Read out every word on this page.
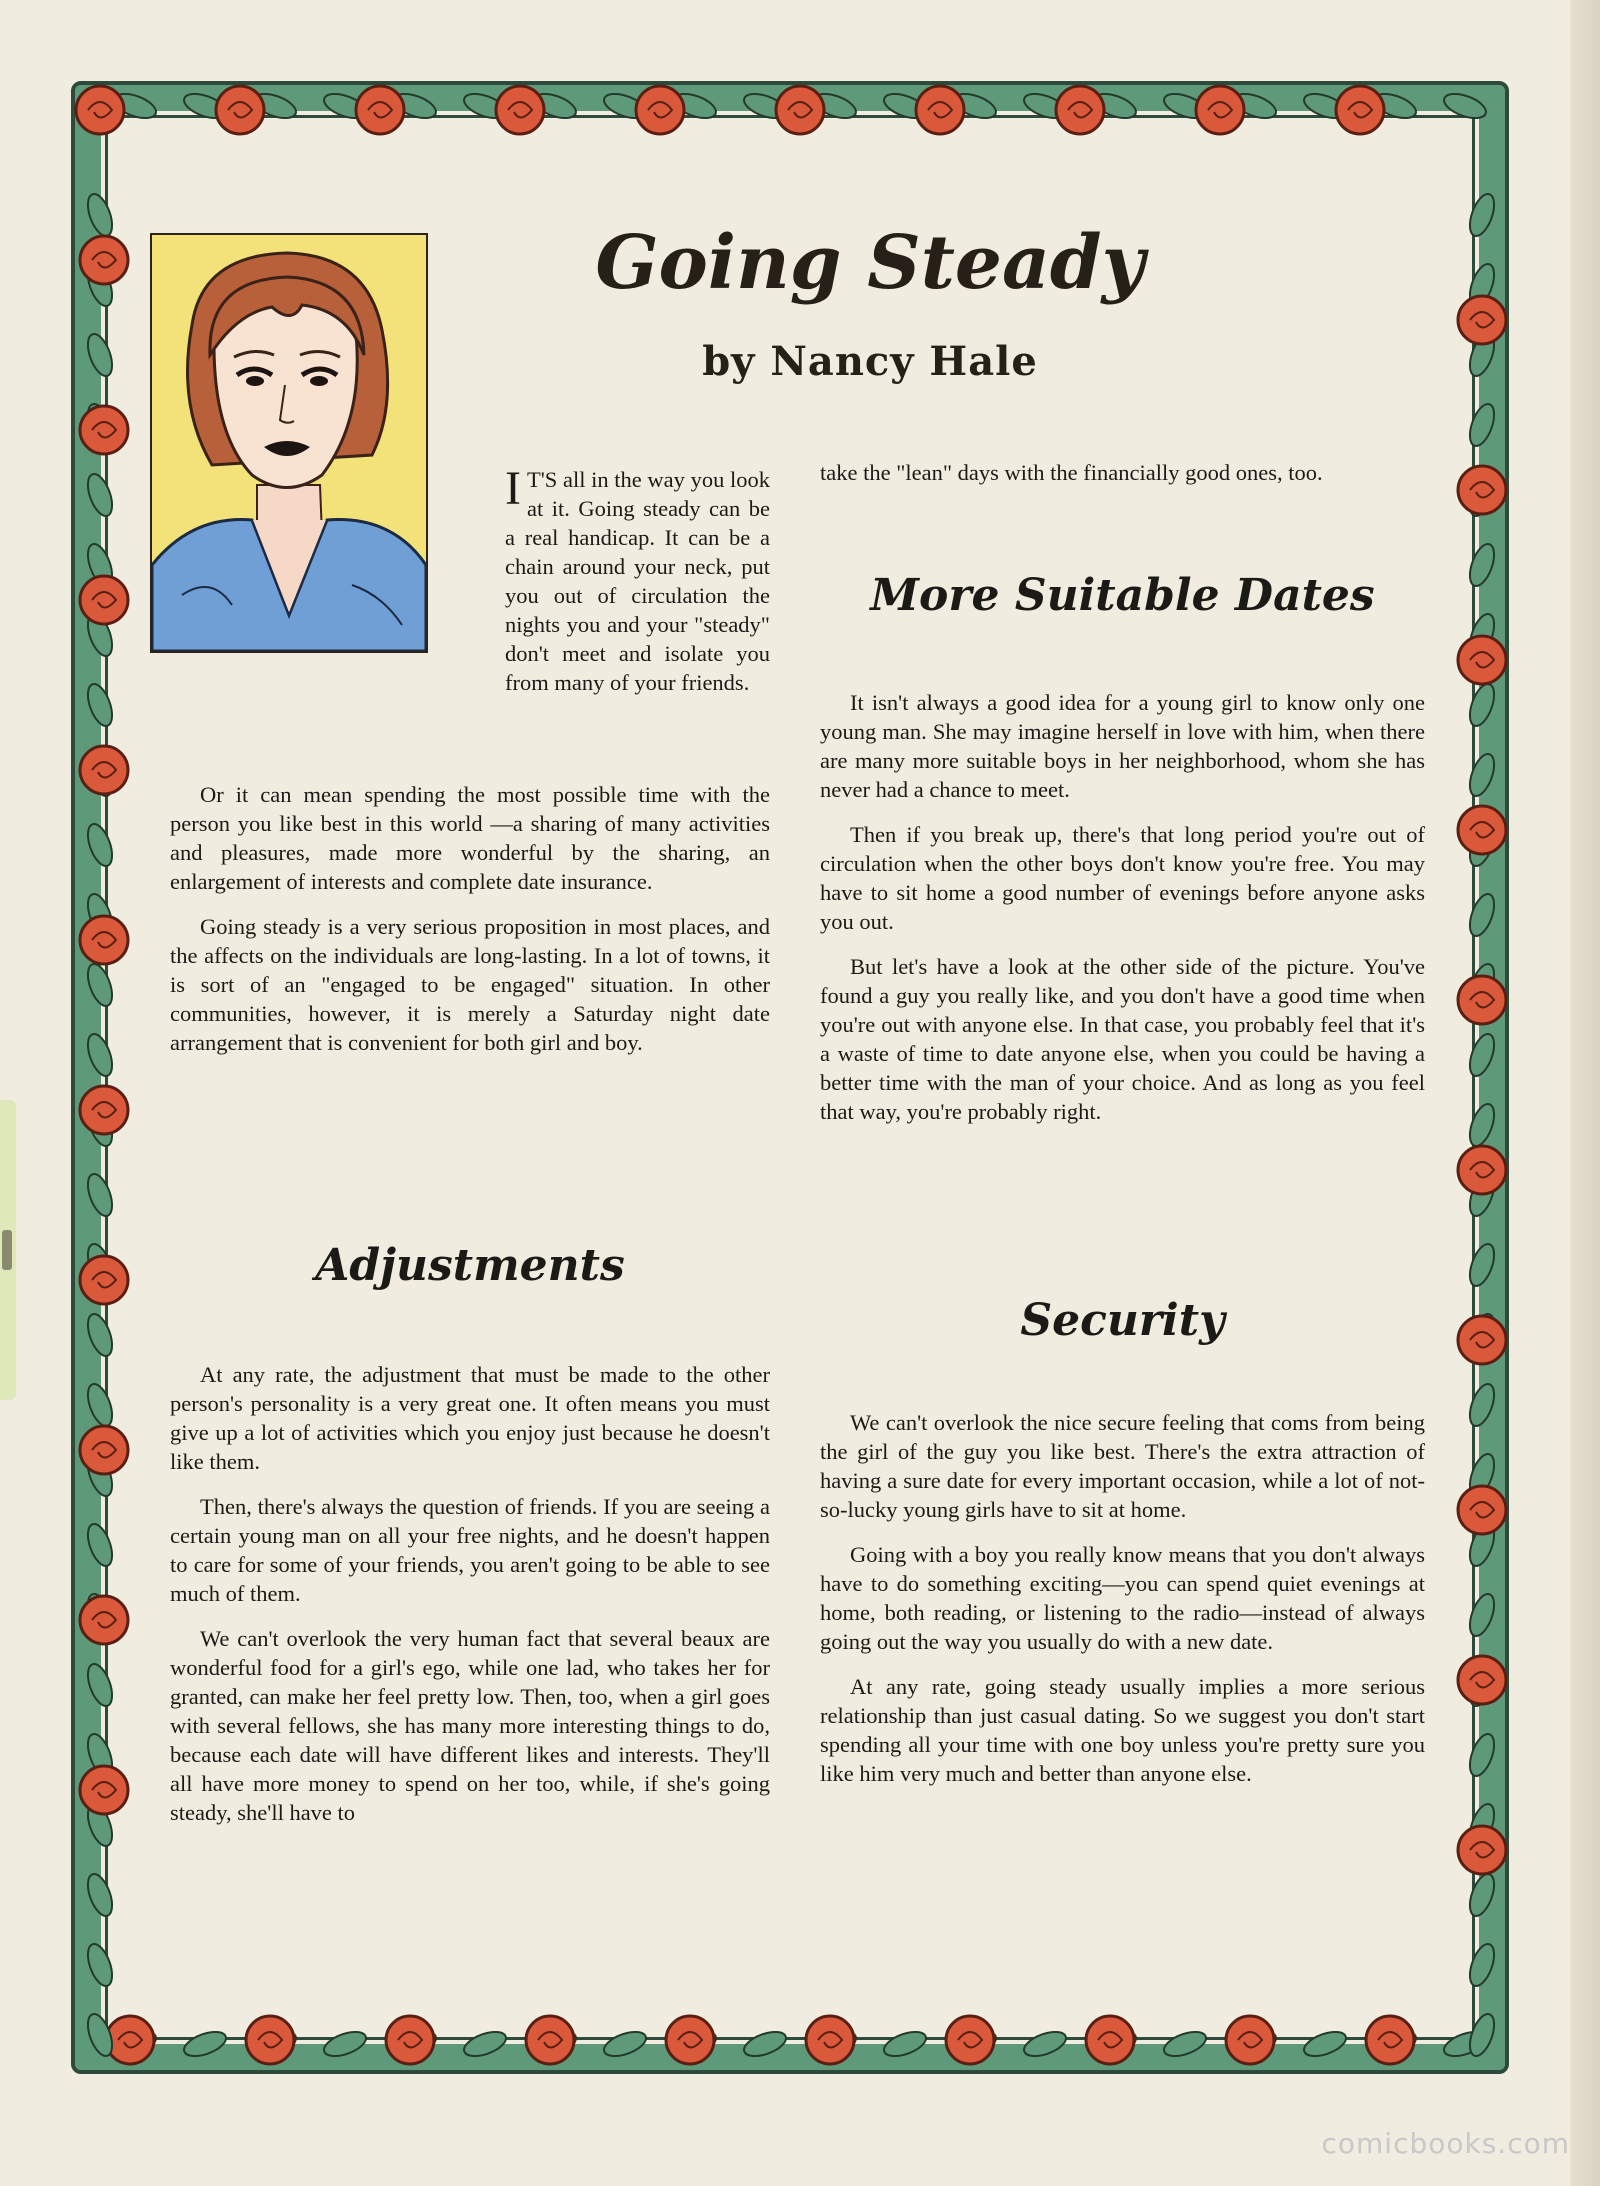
Going Steady
by Nancy Hale

I T'S all in the way you look at it. Going steady can be a real handicap. It can be a chain around your neck, put you out of circulation the nights you and your "steady" don't meet and isolate you from many of your friends.

Or it can mean spending the most possible time with the person you like best in this world —a sharing of many activities and pleasures, made more wonderful by the sharing, an enlargement of interests and complete date insurance.

Going steady is a very serious proposition in most places, and the affects on the individuals are long-lasting. In a lot of towns, it is sort of an "engaged to be engaged" situation. In other communities, however, it is merely a Saturday night date arrangement that is convenient for both girl and boy.

Adjustments

At any rate, the adjustment that must be made to the other person's personality is a very great one. It often means you must give up a lot of activities which you enjoy just because he doesn't like them.

Then, there's always the question of friends. If you are seeing a certain young man on all your free nights, and he doesn't happen to care for some of your friends, you aren't going to be able to see much of them.

We can't overlook the very human fact that several beaux are wonderful food for a girl's ego, while one lad, who takes her for granted, can make her feel pretty low. Then, too, when a girl goes with several fellows, she has many more interesting things to do, because each date will have different likes and interests. They'll all have more money to spend on her too, while, if she's going steady, she'll have to

take the "lean" days with the financially good ones, too.

More Suitable Dates

It isn't always a good idea for a young girl to know only one young man. She may imagine herself in love with him, when there are many more suitable boys in her neighborhood, whom she has never had a chance to meet.

Then if you break up, there's that long period you're out of circulation when the other boys don't know you're free. You may have to sit home a good number of evenings before anyone asks you out.

But let's have a look at the other side of the picture. You've found a guy you really like, and you don't have a good time when you're out with anyone else. In that case, you probably feel that it's a waste of time to date anyone else, when you could be having a better time with the man of your choice. And as long as you feel that way, you're probably right.

Security

We can't overlook the nice secure feeling that coms from being the girl of the guy you like best. There's the extra attraction of having a sure date for every important occasion, while a lot of not-so-lucky young girls have to sit at home.

Going with a boy you really know means that you don't always have to do something exciting—you can spend quiet evenings at home, both reading, or listening to the radio—instead of always going out the way you usually do with a new date.

At any rate, going steady usually implies a more serious relationship than just casual dating. So we suggest you don't start spending all your time with one boy unless you're pretty sure you like him very much and better than anyone else.

comicbooks.com
